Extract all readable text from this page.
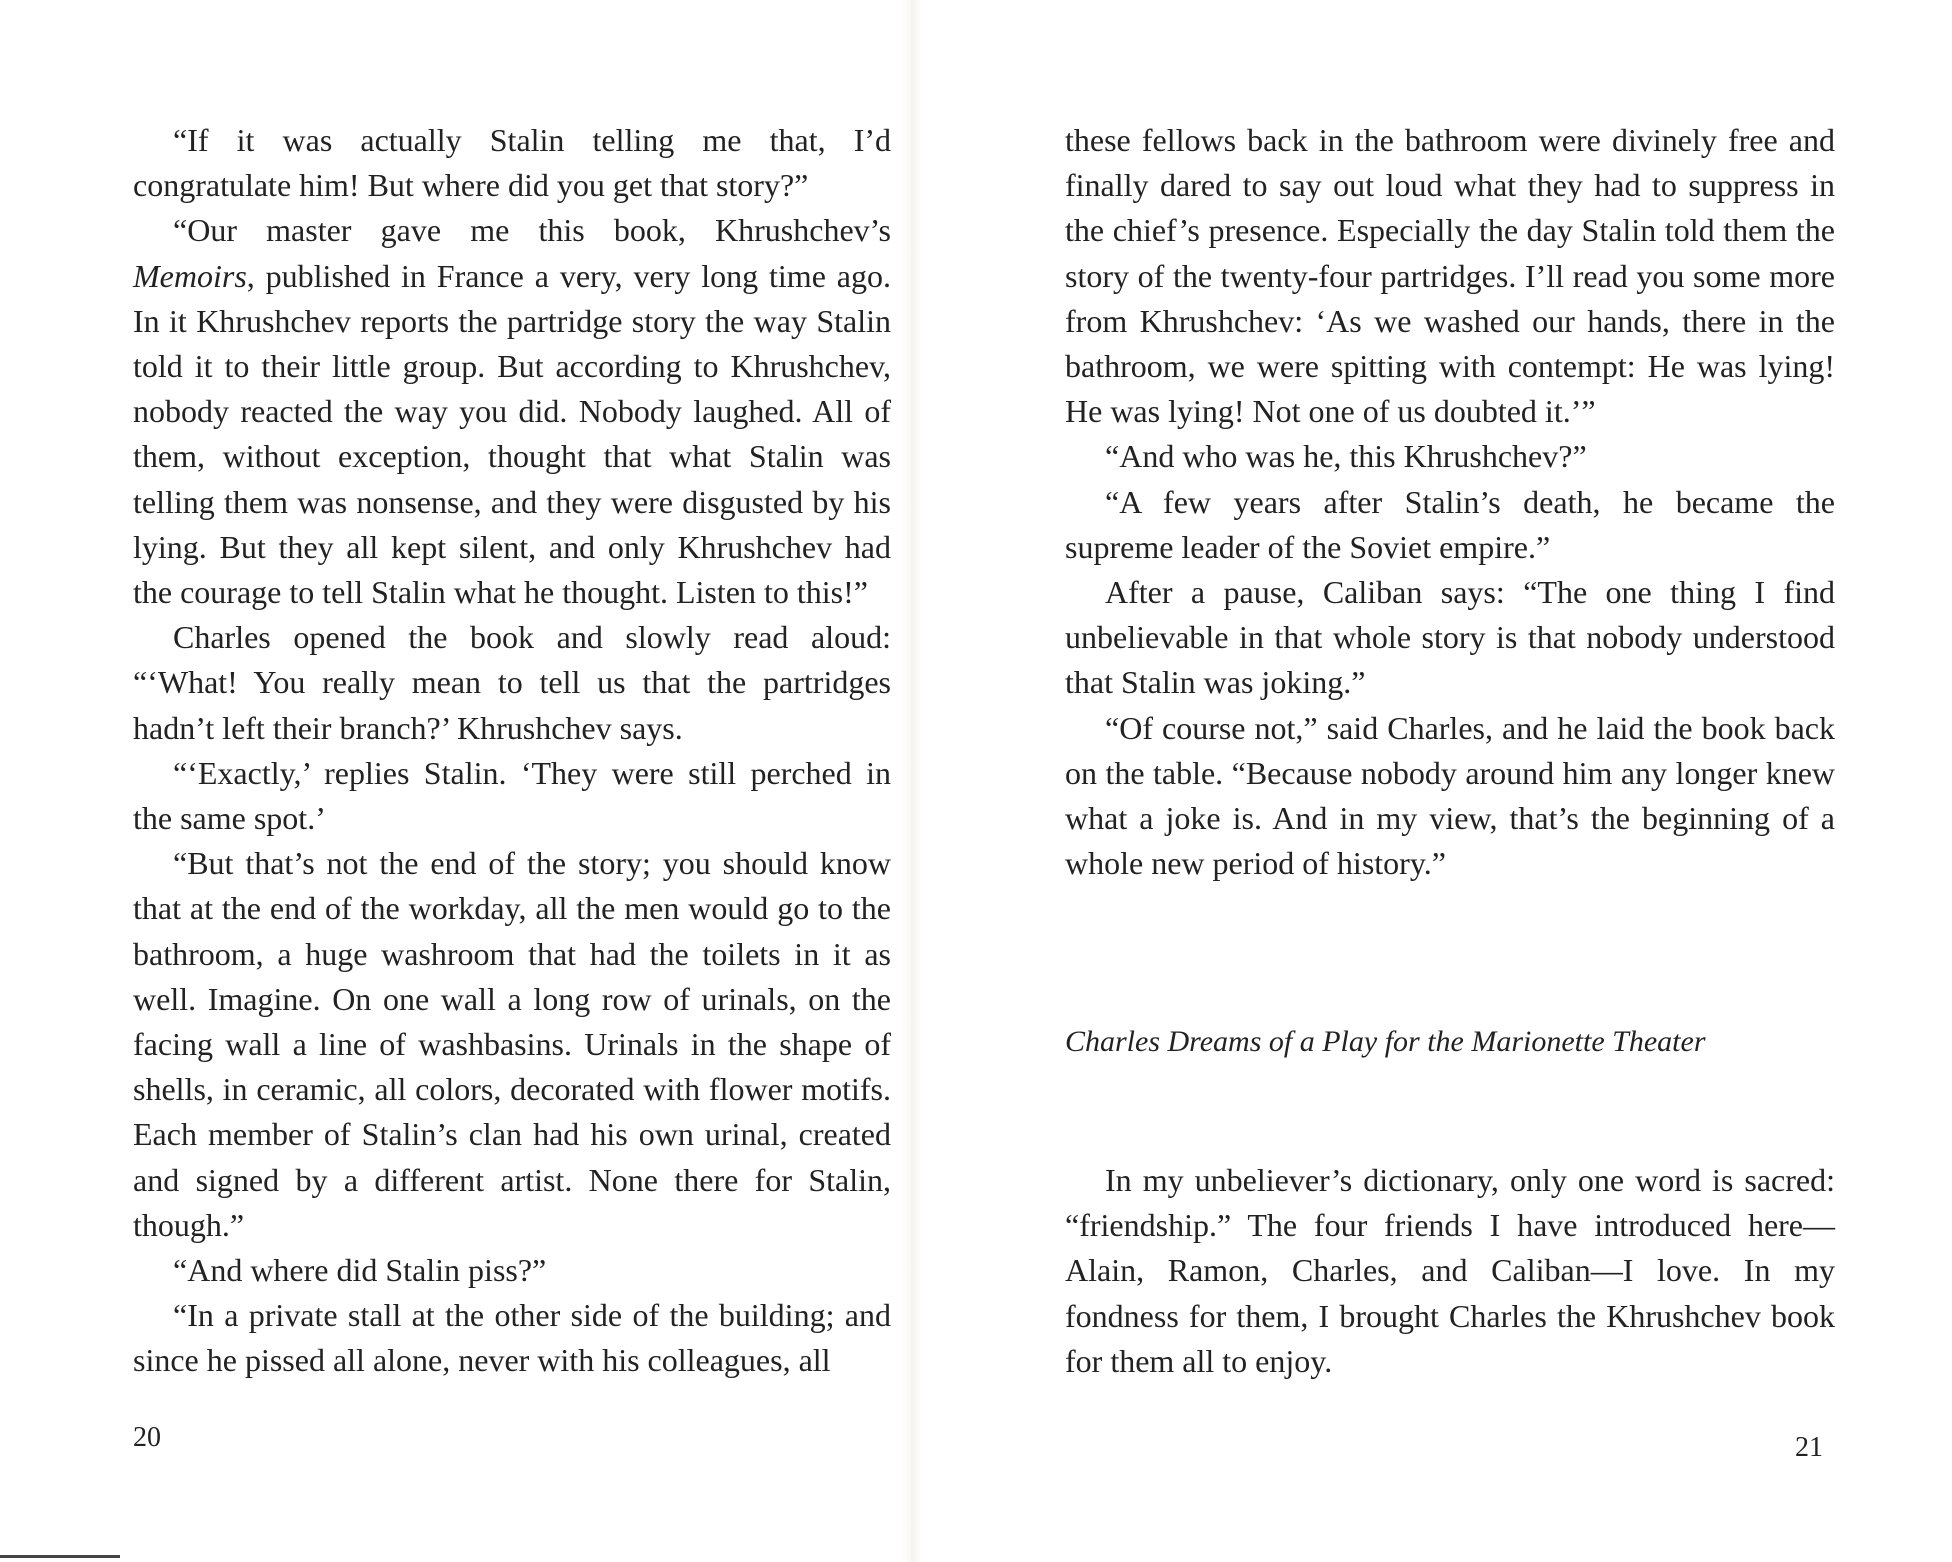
“If it was actually Stalin telling me that, I’d congratulate him! But where did you get that story?”

“Our master gave me this book, Khrushchev’s Memoirs, published in France a very, very long time ago. In it Khrushchev reports the partridge story the way Stalin told it to their little group. But according to Khrushchev, nobody reacted the way you did. Nobody laughed. All of them, without exception, thought that what Stalin was telling them was nonsense, and they were disgusted by his lying. But they all kept silent, and only Khrushchev had the courage to tell Stalin what he thought. Listen to this!”

Charles opened the book and slowly read aloud: “‘What! You really mean to tell us that the partridges hadn’t left their branch?’ Khrushchev says.

“‘Exactly,’ replies Stalin. ‘They were still perched in the same spot.’

“But that’s not the end of the story; you should know that at the end of the workday, all the men would go to the bathroom, a huge washroom that had the toilets in it as well. Imagine. On one wall a long row of urinals, on the facing wall a line of washbasins. Urinals in the shape of shells, in ceramic, all colors, decorated with flower motifs. Each member of Stalin’s clan had his own urinal, created and signed by a different artist. None there for Stalin, though.”

“And where did Stalin piss?”

“In a private stall at the other side of the building; and since he pissed all alone, never with his colleagues, all

20

these fellows back in the bathroom were divinely free and finally dared to say out loud what they had to suppress in the chief’s presence. Especially the day Stalin told them the story of the twenty-four partridges. I’ll read you some more from Khrushchev: ‘As we washed our hands, there in the bathroom, we were spitting with contempt: He was lying! He was lying! Not one of us doubted it.’”

“And who was he, this Khrushchev?”

“A few years after Stalin’s death, he became the supreme leader of the Soviet empire.”

After a pause, Caliban says: “The one thing I find unbelievable in that whole story is that nobody understood that Stalin was joking.”

“Of course not,” said Charles, and he laid the book back on the table. “Because nobody around him any longer knew what a joke is. And in my view, that’s the beginning of a whole new period of history.”

Charles Dreams of a Play for the Marionette Theater

In my unbeliever’s dictionary, only one word is sacred: “friendship.” The four friends I have introduced here—Alain, Ramon, Charles, and Caliban—I love. In my fondness for them, I brought Charles the Khrushchev book for them all to enjoy.

21
